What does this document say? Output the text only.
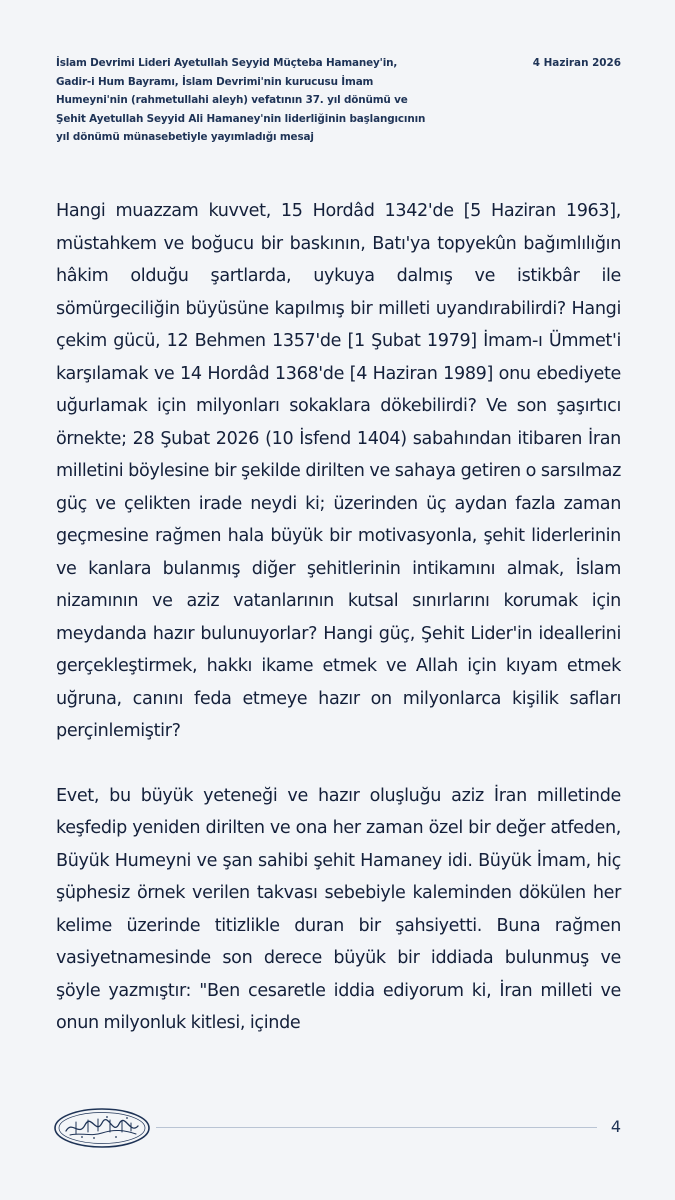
İslam Devrimi Lideri Ayetullah Seyyid Müçteba Hamaney'in, Gadir-i Hum Bayramı, İslam Devrimi'nin kurucusu İmam Humeyni'nin (rahmetullahi aleyh) vefatının 37. yıl dönümü ve Şehit Ayetullah Seyyid Ali Hamaney'nin liderliğinin başlangıcının yıl dönümü münasebetiyle yayımladığı mesaj
4 Haziran 2026

Hangi muazzam kuvvet, 15 Hordâd 1342'de [5 Haziran 1963], müstahkem ve boğucu bir baskının, Batı'ya topyekûn bağımlılığın hâkim olduğu şartlarda, uykuya dalmış ve istikbâr ile sömürgeciliğin büyüsüne kapılmış bir milleti uyandırabilirdi? Hangi çekim gücü, 12 Behmen 1357'de [1 Şubat 1979] İmam-ı Ümmet'i karşılamak ve 14 Hordâd 1368'de [4 Haziran 1989] onu ebediyete uğurlamak için milyonları sokaklara dökebilirdi? Ve son şaşırtıcı örnekte; 28 Şubat 2026 (10 İsfend 1404) sabahından itibaren İran milletini böylesine bir şekilde dirilten ve sahaya getiren o sarsılmaz güç ve çelikten irade neydi ki; üzerinden üç aydan fazla zaman geçmesine rağmen hala büyük bir motivasyonla, şehit liderlerinin ve kanlara bulanmış diğer şehitlerinin intikamını almak, İslam nizamının ve aziz vatanlarının kutsal sınırlarını korumak için meydanda hazır bulunuyorlar? Hangi güç, Şehit Lider'in ideallerini gerçekleştirmek, hakkı ikame etmek ve Allah için kıyam etmek uğruna, canını feda etmeye hazır on milyonlarca kişilik safları perçinlemiştir?

Evet, bu büyük yeteneği ve hazır oluşluğu aziz İran milletinde keşfedip yeniden dirilten ve ona her zaman özel bir değer atfeden, Büyük Humeyni ve şan sahibi şehit Hamaney idi. Büyük İmam, hiç şüphesiz örnek verilen takvası sebebiyle kaleminden dökülen her kelime üzerinde titizlikle duran bir şahsiyetti. Buna rağmen vasiyetnamesinde son derece büyük bir iddiada bulunmuş ve şöyle yazmıştır: "Ben cesaretle iddia ediyorum ki, İran milleti ve onun milyonluk kitlesi, içinde

4
